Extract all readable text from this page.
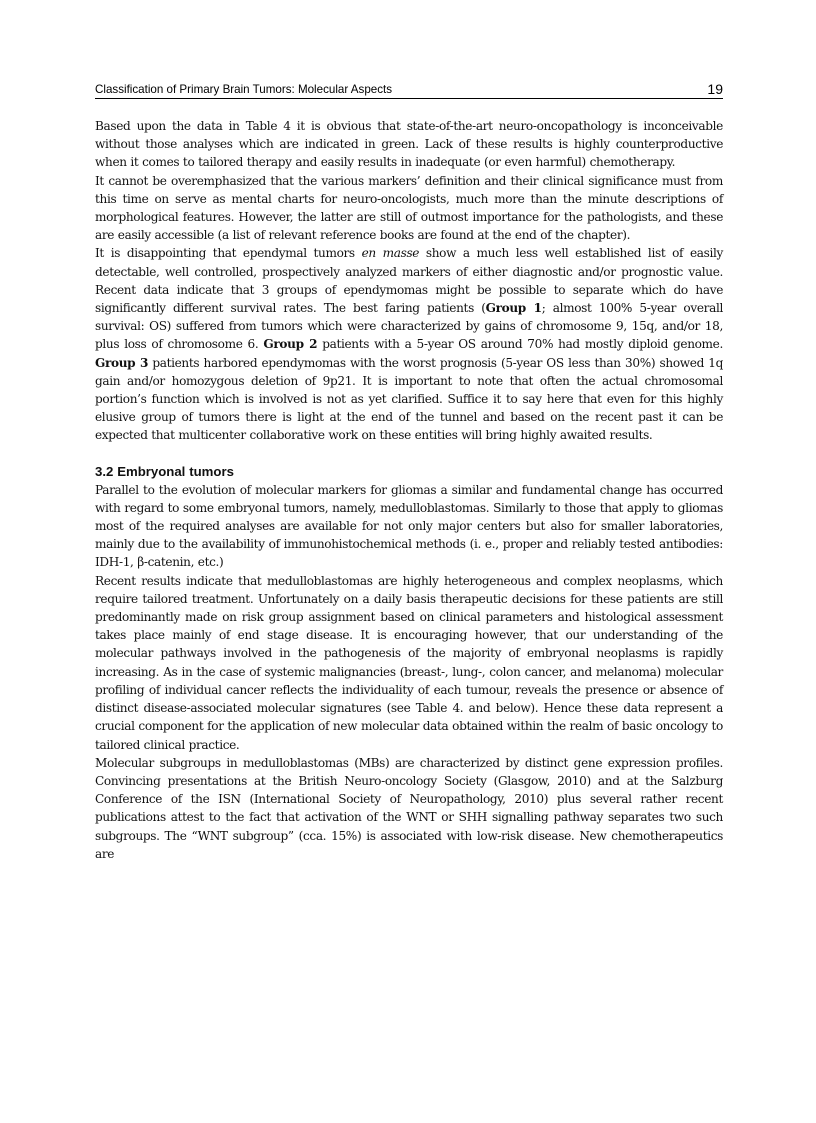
Classification of Primary Brain Tumors: Molecular Aspects	19

Based upon the data in Table 4 it is obvious that state-of-the-art neuro-oncopathology is inconceivable without those analyses which are indicated in green. Lack of these results is highly counterproductive when it comes to tailored therapy and easily results in inadequate (or even harmful) chemotherapy.

It cannot be overemphasized that the various markers’ definition and their clinical significance must from this time on serve as mental charts for neuro-oncologists, much more than the minute descriptions of morphological features. However, the latter are still of outmost importance for the pathologists, and these are easily accessible (a list of relevant reference books are found at the end of the chapter).

It is disappointing that ependymal tumors en masse show a much less well established list of easily detectable, well controlled, prospectively analyzed markers of either diagnostic and/or prognostic value. Recent data indicate that 3 groups of ependymomas might be possible to separate which do have significantly different survival rates. The best faring patients (Group 1; almost 100% 5-year overall survival: OS) suffered from tumors which were characterized by gains of chromosome 9, 15q, and/or 18, plus loss of chromosome 6. Group 2 patients with a 5-year OS around 70% had mostly diploid genome. Group 3 patients harbored ependymomas with the worst prognosis (5-year OS less than 30%) showed 1q gain and/or homozygous deletion of 9p21. It is important to note that often the actual chromosomal portion’s function which is involved is not as yet clarified. Suffice it to say here that even for this highly elusive group of tumors there is light at the end of the tunnel and based on the recent past it can be expected that multicenter collaborative work on these entities will bring highly awaited results.

3.2 Embryonal tumors

Parallel to the evolution of molecular markers for gliomas a similar and fundamental change has occurred with regard to some embryonal tumors, namely, medulloblastomas. Similarly to those that apply to gliomas most of the required analyses are available for not only major centers but also for smaller laboratories, mainly due to the availability of immunohistochemical methods (i. e., proper and reliably tested antibodies: IDH-1, β-catenin, etc.)

Recent results indicate that medulloblastomas are highly heterogeneous and complex neoplasms, which require tailored treatment. Unfortunately on a daily basis therapeutic decisions for these patients are still predominantly made on risk group assignment based on clinical parameters and histological assessment takes place mainly of end stage disease. It is encouraging however, that our understanding of the molecular pathways involved in the pathogenesis of the majority of embryonal neoplasms is rapidly increasing. As in the case of systemic malignancies (breast-, lung-, colon cancer, and melanoma) molecular profiling of individual cancer reflects the individuality of each tumour, reveals the presence or absence of distinct disease-associated molecular signatures (see Table 4. and below). Hence these data represent a crucial component for the application of new molecular data obtained within the realm of basic oncology to tailored clinical practice.

Molecular subgroups in medulloblastomas (MBs) are characterized by distinct gene expression profiles. Convincing presentations at the British Neuro-oncology Society (Glasgow, 2010) and at the Salzburg Conference of the ISN (International Society of Neuropathology, 2010) plus several rather recent publications attest to the fact that activation of the WNT or SHH signalling pathway separates two such subgroups. The “WNT subgroup” (cca. 15%) is associated with low-risk disease. New chemotherapeutics are
